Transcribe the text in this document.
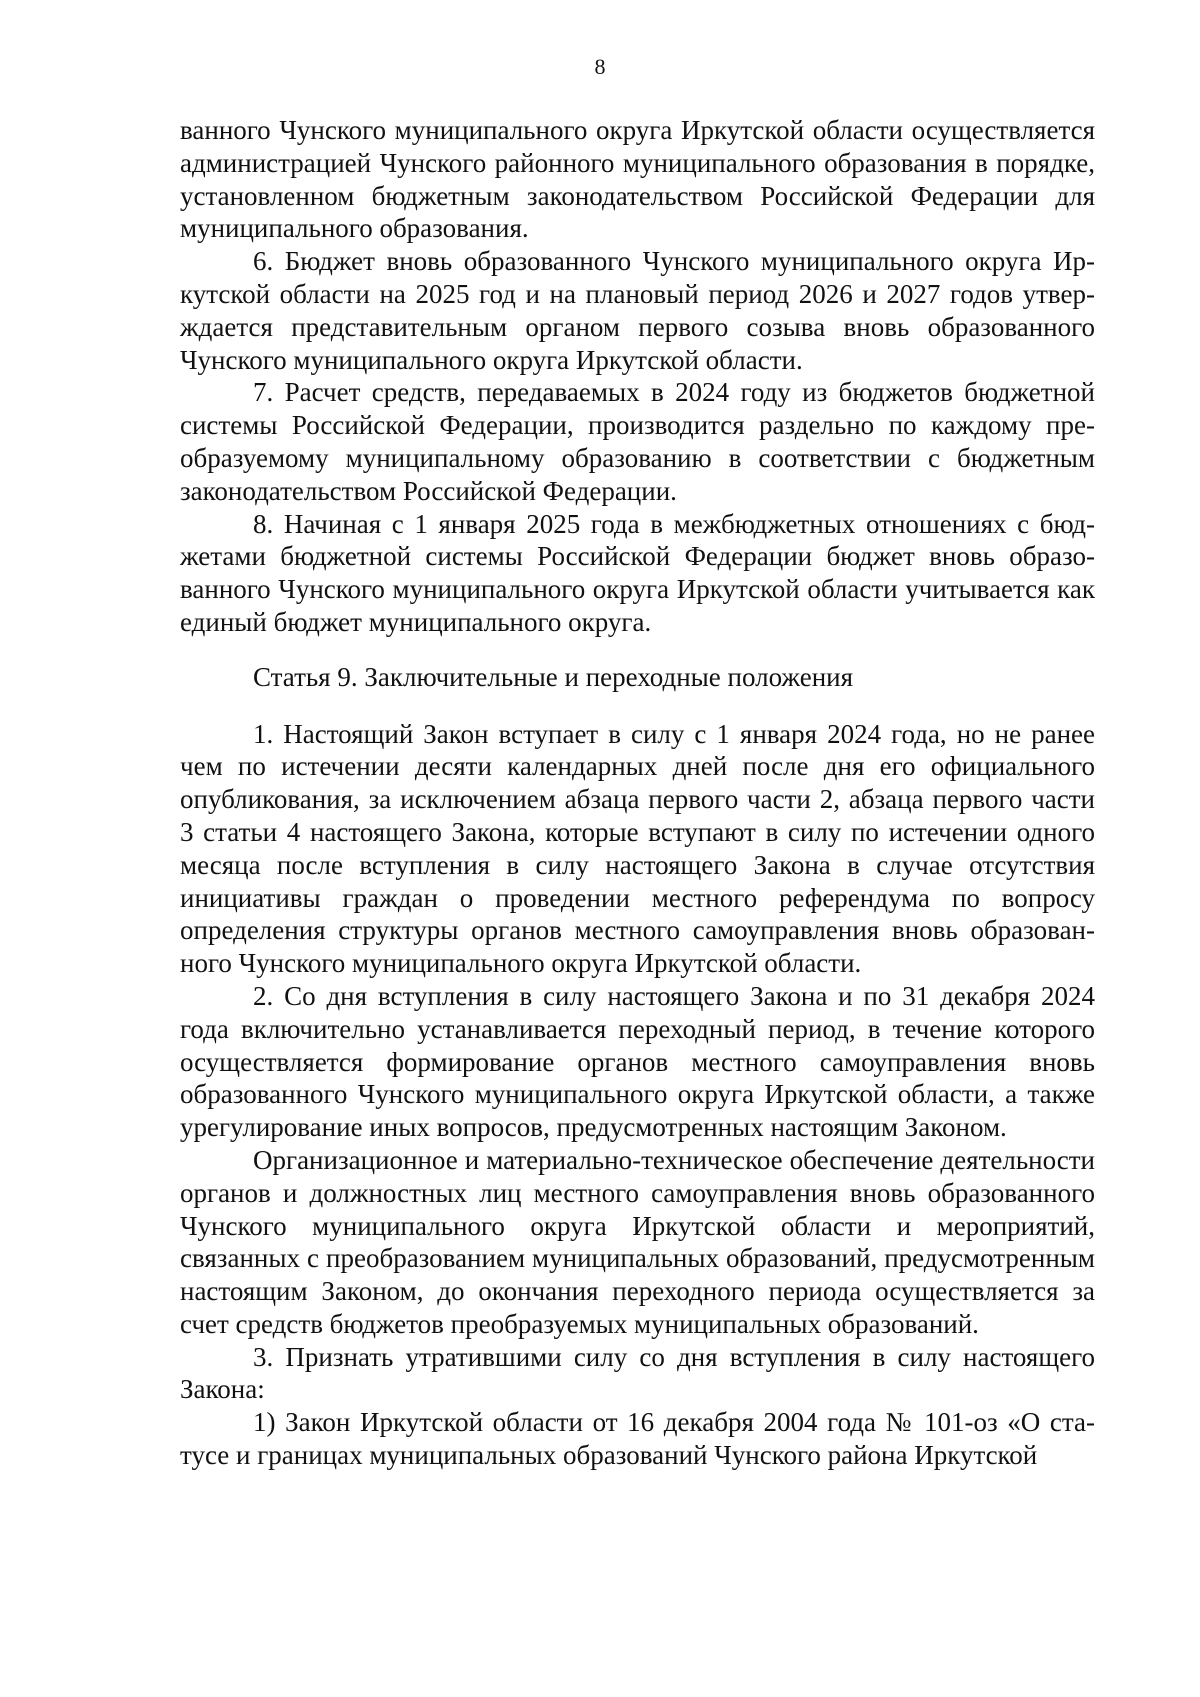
8

ванного Чунского муниципального округа Иркутской области осуществляется администрацией Чунского районного муниципального образования в порядке, установленном бюджетным законодательством Российской Федерации для муниципального образования.

6. Бюджет вновь образованного Чунского муниципального округа Иркутской области на 2025 год и на плановый период 2026 и 2027 годов утверждается представительным органом первого созыва вновь образованного Чунского муниципального округа Иркутской области.

7. Расчет средств, передаваемых в 2024 году из бюджетов бюджетной системы Российской Федерации, производится раздельно по каждому преобразуемому муниципальному образованию в соответствии с бюджетным законодательством Российской Федерации.

8. Начиная с 1 января 2025 года в межбюджетных отношениях с бюджетами бюджетной системы Российской Федерации бюджет вновь образованного Чунского муниципального округа Иркутской области учитывается как единый бюджет муниципального округа.

Статья 9. Заключительные и переходные положения

1. Настоящий Закон вступает в силу с 1 января 2024 года, но не ранее чем по истечении десяти календарных дней после дня его официального опубликования, за исключением абзаца первого части 2, абзаца первого части 3 статьи 4 настоящего Закона, которые вступают в силу по истечении одного месяца после вступления в силу настоящего Закона в случае отсутствия инициативы граждан о проведении местного референдума по вопросу определения структуры органов местного самоуправления вновь образованного Чунского муниципального округа Иркутской области.

2. Со дня вступления в силу настоящего Закона и по 31 декабря 2024 года включительно устанавливается переходный период, в течение которого осуществляется формирование органов местного самоуправления вновь образованного Чунского муниципального округа Иркутской области, а также урегулирование иных вопросов, предусмотренных настоящим Законом.

Организационное и материально-техническое обеспечение деятельности органов и должностных лиц местного самоуправления вновь образованного Чунского муниципального округа Иркутской области и мероприятий, связанных с преобразованием муниципальных образований, предусмотренным настоящим Законом, до окончания переходного периода осуществляется за счет средств бюджетов преобразуемых муниципальных образований.

3. Признать утратившими силу со дня вступления в силу настоящего Закона:

1) Закон Иркутской области от 16 декабря 2004 года № 101-оз «О статусе и границах муниципальных образований Чунского района Иркутской
